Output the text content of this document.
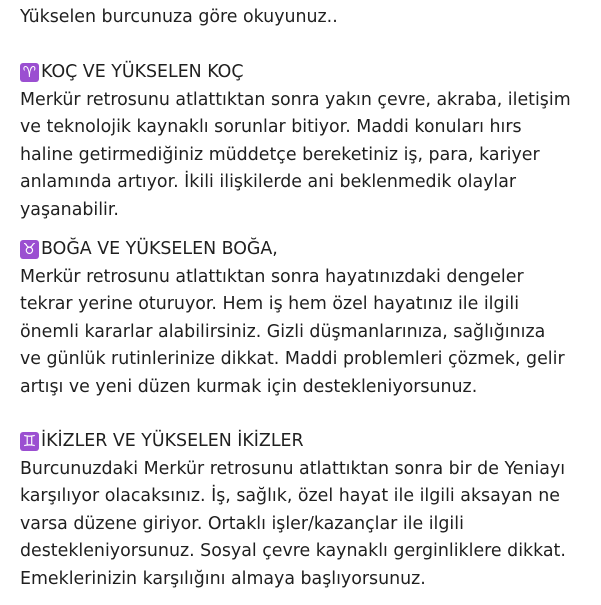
Yükselen burcunuza göre okuyunuz..

♈ KOÇ VE YÜKSELEN KOÇ
Merkür retrosunu atlattıktan sonra yakın çevre, akraba, iletişim
ve teknolojik kaynaklı sorunlar bitiyor. Maddi konuları hırs
haline getirmediğiniz müddetçe bereketiniz iş, para, kariyer
anlamında artıyor. İkili ilişkilerde ani beklenmedik olaylar
yaşanabilir.
♉ BOĞA VE YÜKSELEN BOĞA,
Merkür retrosunu atlattıktan sonra hayatınızdaki dengeler
tekrar yerine oturuyor. Hem iş hem özel hayatınız ile ilgili
önemli kararlar alabilirsiniz. Gizli düşmanlarınıza, sağlığınıza
ve günlük rutinlerinize dikkat. Maddi problemleri çözmek, gelir
artışı ve yeni düzen kurmak için destekleniyorsunuz.
♊ İKİZLER VE YÜKSELEN İKİZLER
Burcunuzdaki Merkür retrosunu atlattıktan sonra bir de Yeniayı
karşılıyor olacaksınız. İş, sağlık, özel hayat ile ilgili aksayan ne
varsa düzene giriyor. Ortaklı işler/kazançlar ile ilgili
destekleniyorsunuz. Sosyal çevre kaynaklı gerginliklere dikkat.
Emeklerinizin karşılığını almaya başlıyorsunuz.
